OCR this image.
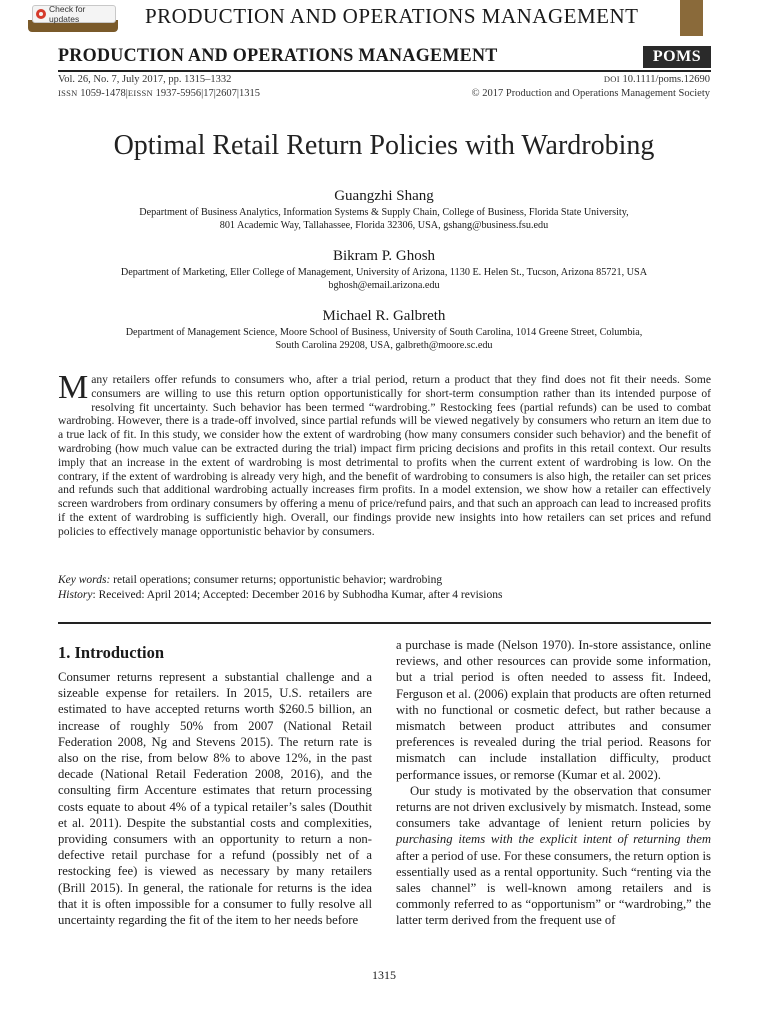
Check for updates	PRODUCTION AND OPERATIONS MANAGEMENT
PRODUCTION AND OPERATIONS MANAGEMENT	POMS
Vol. 26, No. 7, July 2017, pp. 1315–1332
ISSN 1059-1478|EISSN 1937-5956|17|2607|1315
DOI 10.1111/poms.12690
© 2017 Production and Operations Management Society
Optimal Retail Return Policies with Wardrobing
Guangzhi Shang
Department of Business Analytics, Information Systems & Supply Chain, College of Business, Florida State University,
801 Academic Way, Tallahassee, Florida 32306, USA, gshang@business.fsu.edu
Bikram P. Ghosh
Department of Marketing, Eller College of Management, University of Arizona, 1130 E. Helen St., Tucson, Arizona 85721, USA
bghosh@email.arizona.edu
Michael R. Galbreth
Department of Management Science, Moore School of Business, University of South Carolina, 1014 Greene Street, Columbia,
South Carolina 29208, USA, galbreth@moore.sc.edu
Many retailers offer refunds to consumers who, after a trial period, return a product that they find does not fit their needs. Some consumers are willing to use this return option opportunistically for short-term consumption rather than its intended purpose of resolving fit uncertainty. Such behavior has been termed “wardrobing.” Restocking fees (partial refunds) can be used to combat wardrobing. However, there is a trade-off involved, since partial refunds will be viewed negatively by consumers who return an item due to a true lack of fit. In this study, we consider how the extent of wardrobing (how many consumers consider such behavior) and the benefit of wardrobing (how much value can be extracted during the trial) impact firm pricing decisions and profits in this retail context. Our results imply that an increase in the extent of wardrobing is most detrimental to profits when the current extent of wardrobing is low. On the contrary, if the extent of wardrobing is already very high, and the benefit of wardrobing to consumers is also high, the retailer can set prices and refunds such that additional wardrobing actually increases firm profits. In a model extension, we show how a retailer can effectively screen wardrobers from ordinary consumers by offering a menu of price/refund pairs, and that such an approach can lead to increased profits if the extent of wardrobing is sufficiently high. Overall, our findings provide new insights into how retailers can set prices and refund policies to effectively manage opportunistic behavior by consumers.
Key words: retail operations; consumer returns; opportunistic behavior; wardrobing
History: Received: April 2014; Accepted: December 2016 by Subhodha Kumar, after 4 revisions
1. Introduction

Consumer returns represent a substantial challenge and a sizeable expense for retailers. In 2015, U.S. retailers are estimated to have accepted returns worth $260.5 billion, an increase of roughly 50% from 2007 (National Retail Federation 2008, Ng and Stevens 2015). The return rate is also on the rise, from below 8% to above 12%, in the past decade (National Retail Federation 2008, 2016), and the consulting firm Accenture estimates that return processing costs equate to about 4% of a typical retailer’s sales (Douthit et al. 2011). Despite the substantial costs and complexities, providing consumers with an opportunity to return a non-defective retail purchase for a refund (possibly net of a restocking fee) is viewed as necessary by many retailers (Brill 2015). In general, the rationale for returns is the idea that it is often impossible for a consumer to fully resolve all uncertainty regarding the fit of the item to her needs before

a purchase is made (Nelson 1970). In-store assistance, online reviews, and other resources can provide some information, but a trial period is often needed to assess fit. Indeed, Ferguson et al. (2006) explain that products are often returned with no functional or cosmetic defect, but rather because a mismatch between product attributes and consumer preferences is revealed during the trial period. Reasons for mismatch can include installation difficulty, product performance issues, or remorse (Kumar et al. 2002).

Our study is motivated by the observation that consumer returns are not driven exclusively by mismatch. Instead, some consumers take advantage of lenient return policies by purchasing items with the explicit intent of returning them after a period of use. For these consumers, the return option is essentially used as a rental opportunity. Such “renting via the sales channel” is well-known among retailers and is commonly referred to as “opportunism” or “wardrobing,” the latter term derived from the frequent use of

1315
